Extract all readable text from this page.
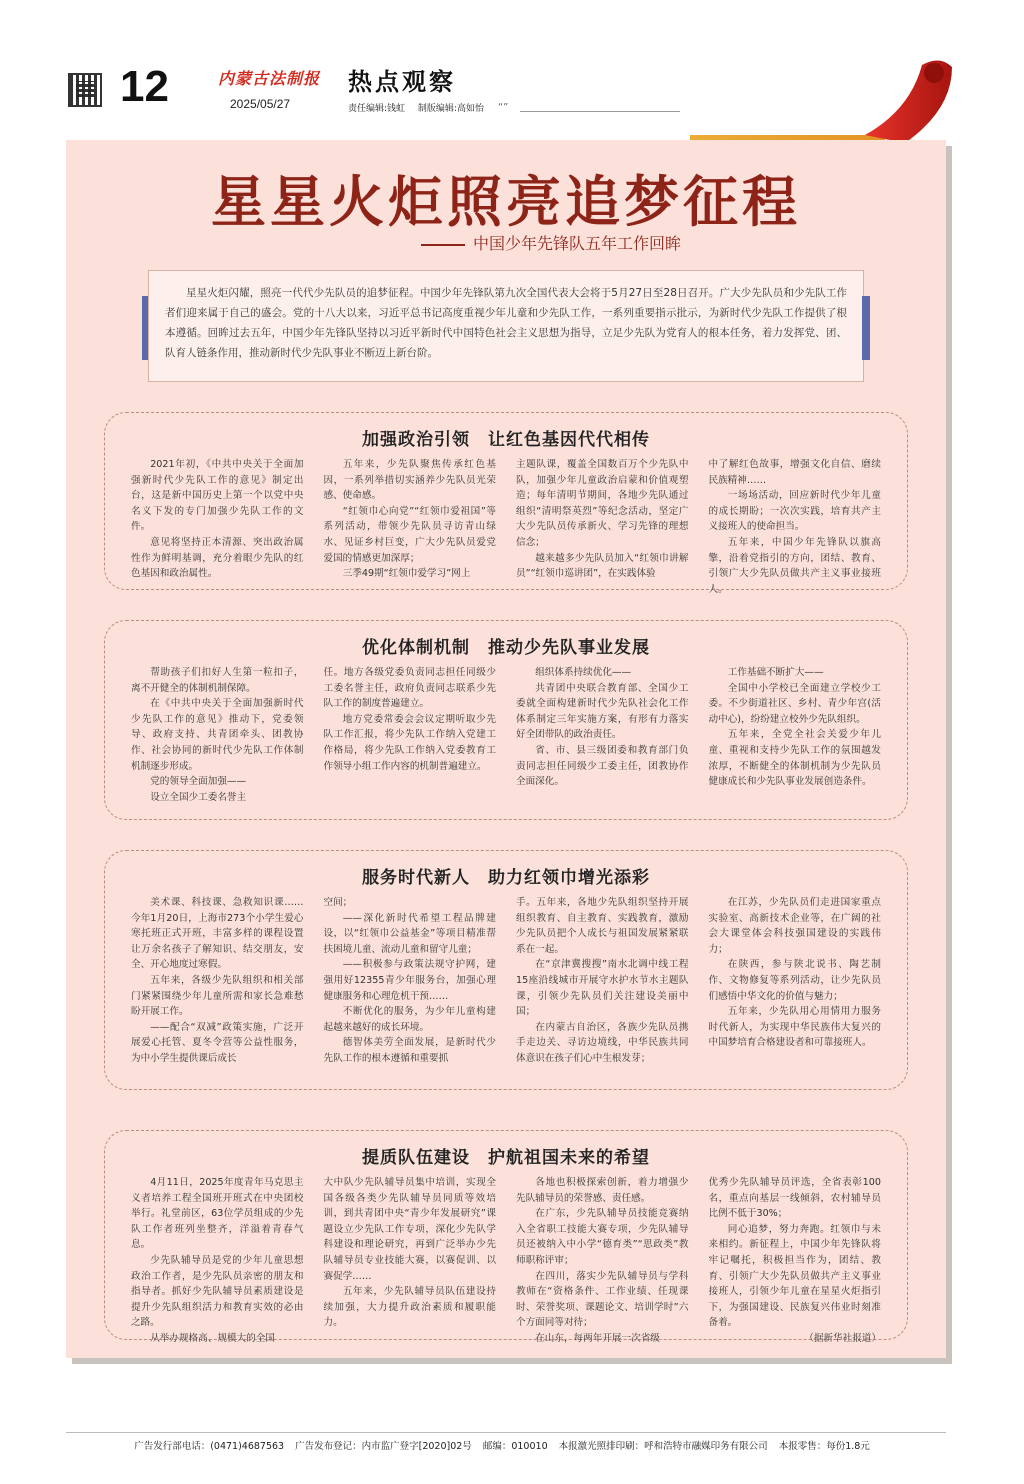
12	内蒙古法制报
2025/05/27
热点观察
责任编辑:钱虹 制版编辑:高如怡	“”
星星火炬照亮追梦征程
中国少年先锋队五年工作回眸
星星火炬闪耀，照亮一代代少先队员的追梦征程。中国少年先锋队第九次全国代表大会将于5月27日至28日召开。广大少先队员和少先队工作者们迎来属于自己的盛会。党的十八大以来，习近平总书记高度重视少年儿童和少先队工作，一系列重要指示批示，为新时代少先队工作提供了根本遵循。回眸过去五年，中国少年先锋队坚持以习近平新时代中国特色社会主义思想为指导，立足少先队为党育人的根本任务，着力发挥党、团、队育人链条作用，推动新时代少先队事业不断迈上新台阶。
加强政治引领　让红色基因代代相传

2021年初，《中共中央关于全面加强新时代少先队工作的意见》制定出台，这是新中国历史上第一个以党中央名义下发的专门加强少先队工作的文件。

意见将坚持正本清源、突出政治属性作为鲜明基调，充分着眼少先队的红色基因和政治属性。

五年来，少先队聚焦传承红色基因，一系列举措切实涵养少先队员光荣感、使命感。

“红领巾心向党”“红领巾爱祖国”等系列活动，带领少先队员寻访青山绿水、见证乡村巨变，广大少先队员爱党爱国的情感更加深厚；

三季49期“红领巾爱学习”网上

主题队课，覆盖全国数百万个少先队中队，加强少年儿童政治启蒙和价值观塑造；每年清明节期间，各地少先队通过组织“清明祭英烈”等纪念活动，坚定广大少先队员传承新火、学习先锋的理想信念；

越来越多少先队员加入“红领巾讲解员”“红领巾巡讲团”，在实践体验

中了解红色故事，增强文化自信、磨续民族精神……

一场场活动，回应新时代少年儿童的成长期盼；一次次实践，培育共产主义接班人的使命担当。

五年来，中国少年先锋队以旗高擎，沿着党指引的方向，团结、教育、引领广大少先队员做共产主义事业接班人。

优化体制机制　推动少先队事业发展

帮助孩子们扣好人生第一粒扣子，离不开健全的体制机制保障。

在《中共中央关于全面加强新时代少先队工作的意见》推动下，党委领导、政府支持、共青团牵头、团教协作、社会协同的新时代少先队工作体制机制逐步形成。

党的领导全面加强——

设立全国少工委名誉主

任。地方各级党委负责同志担任同级少工委名誉主任，政府负责同志联系少先队工作的制度普遍建立。

地方党委常委会会议定期听取少先队工作汇报，将少先队工作纳入党建工作格局，将少先队工作纳入党委教育工作领导小组工作内容的机制普遍建立。

组织体系持续优化——

共青团中央联合教育部、全国少工委就全面构建新时代少先队社会化工作体系制定三年实施方案，有形有力落实好全团带队的政治责任。

省、市、县三级团委和教育部门负责同志担任同级少工委主任，团教协作全面深化。

工作基础不断扩大——

全国中小学校已全面建立学校少工委。不少街道社区、乡村、青少年宫(活动中心)，纷纷建立校外少先队组织。

五年来，全党全社会关爱少年儿童、重视和支持少先队工作的氛围越发浓厚，不断健全的体制机制为少先队员健康成长和少先队事业发展创造条件。

服务时代新人　助力红领巾增光添彩

美术课、科技课、急救知识课……今年1月20日，上海市273个小学生爱心寒托班正式开班，丰富多样的课程设置让万余名孩子了解知识、结交朋友，安全、开心地度过寒假。

五年来，各级少先队组织和相关部门紧紧围绕少年儿童所需和家长急难愁盼开展工作。

——配合“双减”政策实施，广泛开展爱心托管、夏冬令营等公益性服务，为中小学生提供课后成长

空间；

——深化新时代希望工程品牌建设，以“红领巾公益基金”等项目精准帮扶困境儿童、流动儿童和留守儿童；

——积极参与政策法规守护网，建强用好12355青少年服务台，加强心理健康服务和心理危机干预……

不断优化的服务，为少年儿童构建起越来越好的成长环境。

德智体美劳全面发展，是新时代少先队工作的根本遵循和重要抓

手。五年来，各地少先队组织坚持开展组织教育、自主教育、实践教育，激励少先队员把个人成长与祖国发展紧紧联系在一起。

在“京津冀搜搜”南水北调中线工程15座沿线城市开展守水护水节水主题队课，引领少先队员们关注建设美丽中国；

在内蒙古自治区，各族少先队员携手走边关、寻访边境线，中华民族共同体意识在孩子们心中生根发芽；

在江苏，少先队员们走进国家重点实验室、高新技术企业等，在广阔的社会大课堂体会科技强国建设的实践伟力；

在陕西，参与陕北说书、陶艺制作、文物修复等系列活动，让少先队员们感悟中华文化的价值与魅力；

五年来，少先队用心用情用力服务时代新人，为实现中华民族伟大复兴的中国梦培育合格建设者和可靠接班人。

提质队伍建设　护航祖国未来的希望

4月11日，2025年度青年马克思主义者培养工程全国班开班式在中央团校举行。礼堂前区，63位学员组成的少先队工作者班列坐整齐，洋溢着青春气息。

少先队辅导员是党的少年儿童思想政治工作者，是少先队员亲密的朋友和指导者。抓好少先队辅导员素质建设是提升少先队组织活力和教育实效的必由之路。

从举办规格高、规模大的全国

大中队少先队辅导员集中培训，实现全国各级各类少先队辅导员同质等效培训，到共青团中央“青少年发展研究”课题设立少先队工作专项，深化少先队学科建设和理论研究，再到广泛举办少先队辅导员专业技能大赛，以赛促训、以赛促学……

五年来，少先队辅导员队伍建设持续加强，大力提升政治素质和履职能力。

各地也积极探索创新，着力增强少先队辅导员的荣誉感、责任感。

在广东，少先队辅导员技能竞赛纳入全省职工技能大赛专项，少先队辅导员还被纳入中小学“德育类”“思政类”教师职称评审；

在四川，落实少先队辅导员与学科教师在“资格条件、工作业绩、任现课时、荣誉奖项、课题论文、培训学时”六个方面同等对待；

在山东，每两年开展一次省级

优秀少先队辅导员评选，全省表彰100名，重点向基层一线倾斜，农村辅导员比例不低于30%；

同心追梦，努力奔跑。红领巾与未来相约。新征程上，中国少年先锋队将牢记嘱托，积极担当作为，团结、教育、引领广大少先队员做共产主义事业接班人，引领少年儿童在星星火炬指引下，为强国建设、民族复兴伟业时刻准备着。

（据新华社报道）
广告发行部电话：(0471)4687563 广告发布登记：内市监广登字[2020]02号 邮编：010010 本报激光照排印刷：呼和浩特市融媒印务有限公司 本报零售：每份1.8元
